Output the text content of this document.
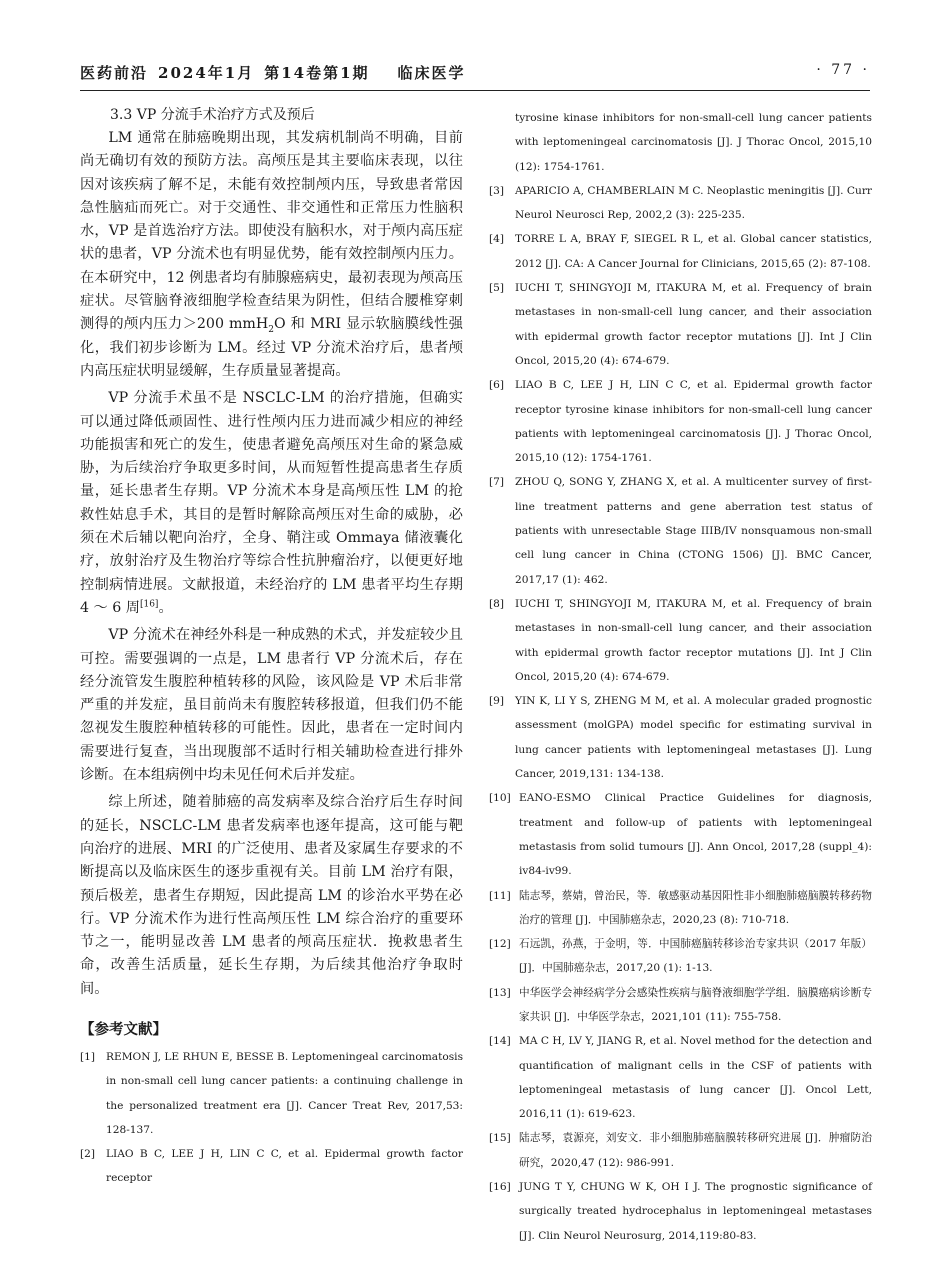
医药前沿 2024年1月 第14卷第1期 临床医学	· 77 ·

3.3 VP 分流手术治疗方式及预后

LM 通常在肺癌晚期出现，其发病机制尚不明确，目前尚无确切有效的预防方法。高颅压是其主要临床表现，以往因对该疾病了解不足，未能有效控制颅内压，导致患者常因急性脑疝而死亡。对于交通性、非交通性和正常压力性脑积水，VP 是首选治疗方法。即使没有脑积水，对于颅内高压症状的患者，VP 分流术也有明显优势，能有效控制颅内压力。在本研究中，12 例患者均有肺腺癌病史，最初表现为颅高压症状。尽管脑脊液细胞学检查结果为阴性，但结合腰椎穿刺测得的颅内压力＞200 mmH$_2$O 和 MRI 显示软脑膜线性强化，我们初步诊断为 LM。经过 VP 分流术治疗后，患者颅内高压症状明显缓解，生存质量显著提高。

VP 分流手术虽不是 NSCLC-LM 的治疗措施，但确实可以通过降低顽固性、进行性颅内压力进而减少相应的神经功能损害和死亡的发生，使患者避免高颅压对生命的紧急威胁，为后续治疗争取更多时间，从而短暂性提高患者生存质量，延长患者生存期。VP 分流术本身是高颅压性 LM 的抢救性姑息手术，其目的是暂时解除高颅压对生命的威胁，必须在术后辅以靶向治疗，全身、鞘注或 Ommaya 储液囊化疗，放射治疗及生物治疗等综合性抗肿瘤治疗，以便更好地控制病情进展。文献报道，未经治疗的 LM 患者平均生存期 4 ～ 6 周[16]。

VP 分流术在神经外科是一种成熟的术式，并发症较少且可控。需要强调的一点是，LM 患者行 VP 分流术后，存在经分流管发生腹腔种植转移的风险，该风险是 VP 术后非常严重的并发症，虽目前尚未有腹腔转移报道，但我们仍不能忽视发生腹腔种植转移的可能性。因此，患者在一定时间内需要进行复查，当出现腹部不适时行相关辅助检查进行排外诊断。在本组病例中均未见任何术后并发症。

综上所述，随着肺癌的高发病率及综合治疗后生存时间的延长，NSCLC-LM 患者发病率也逐年提高，这可能与靶向治疗的进展、MRI 的广泛使用、患者及家属生存要求的不断提高以及临床医生的逐步重视有关。目前 LM 治疗有限，预后极差，患者生存期短，因此提高 LM 的诊治水平势在必行。VP 分流术作为进行性高颅压性 LM 综合治疗的重要环节之一，能明显改善 LM 患者的颅高压症状．挽救患者生命，改善生活质量，延长生存期，为后续其他治疗争取时间。

【参考文献】
[1] REMON J, LE RHUN E, BESSE B. Leptomeningeal carcinomatosis in non-small cell lung cancer patients: a continuing challenge in the personalized treatment era [J]. Cancer Treat Rev, 2017,53: 128-137.
[2] LIAO B C, LEE J H, LIN C C, et al. Epidermal growth factor receptor
tyrosine kinase inhibitors for non-small-cell lung cancer patients with leptomeningeal carcinomatosis [J]. J Thorac Oncol, 2015,10 (12): 1754-1761.
[3] APARICIO A, CHAMBERLAIN M C. Neoplastic meningitis [J]. Curr Neurol Neurosci Rep, 2002,2 (3): 225-235.
[4] TORRE L A, BRAY F, SIEGEL R L, et al. Global cancer statistics, 2012 [J]. CA: A Cancer Journal for Clinicians, 2015,65 (2): 87-108.
[5] IUCHI T, SHINGYOJI M, ITAKURA M, et al. Frequency of brain metastases in non-small-cell lung cancer, and their association with epidermal growth factor receptor mutations [J]. Int J Clin Oncol, 2015,20 (4): 674-679.
[6] LIAO B C, LEE J H, LIN C C, et al. Epidermal growth factor receptor tyrosine kinase inhibitors for non-small-cell lung cancer patients with leptomeningeal carcinomatosis [J]. J Thorac Oncol, 2015,10 (12): 1754-1761.
[7] ZHOU Q, SONG Y, ZHANG X, et al. A multicenter survey of first-line treatment patterns and gene aberration test status of patients with unresectable Stage IIIB/IV nonsquamous non-small cell lung cancer in China (CTONG 1506) [J]. BMC Cancer, 2017,17 (1): 462.
[8] IUCHI T, SHINGYOJI M, ITAKURA M, et al. Frequency of brain metastases in non-small-cell lung cancer, and their association with epidermal growth factor receptor mutations [J]. Int J Clin Oncol, 2015,20 (4): 674-679.
[9] YIN K, LI Y S, ZHENG M M, et al. A molecular graded prognostic assessment (molGPA) model specific for estimating survival in lung cancer patients with leptomeningeal metastases [J]. Lung Cancer, 2019,131: 134-138.
[10] EANO-ESMO Clinical Practice Guidelines for diagnosis, treatment and follow-up of patients with leptomeningeal metastasis from solid tumours [J]. Ann Oncol, 2017,28 (suppl_4): iv84-iv99.
[11] 陆志琴，蔡婧，曾治民，等．敏感驱动基因阳性非小细胞肺癌脑膜转移药物治疗的管理 [J]．中国肺癌杂志，2020,23 (8): 710-718.
[12] 石远凯，孙燕，于金明，等．中国肺癌脑转移诊治专家共识（2017 年版）[J]．中国肺癌杂志，2017,20 (1): 1-13.
[13] 中华医学会神经病学分会感染性疾病与脑脊液细胞学学组．脑膜癌病诊断专家共识 [J]．中华医学杂志，2021,101 (11): 755-758.
[14] MA C H, LV Y, JIANG R, et al. Novel method for the detection and quantification of malignant cells in the CSF of patients with leptomeningeal metastasis of lung cancer [J]. Oncol Lett, 2016,11 (1): 619-623.
[15] 陆志琴，袁源亮，刘安文．非小细胞肺癌脑膜转移研究进展 [J]．肿瘤防治研究，2020,47 (12): 986-991.
[16] JUNG T Y, CHUNG W K, OH I J. The prognostic significance of surgically treated hydrocephalus in leptomeningeal metastases [J]. Clin Neurol Neurosurg, 2014,119:80-83.
